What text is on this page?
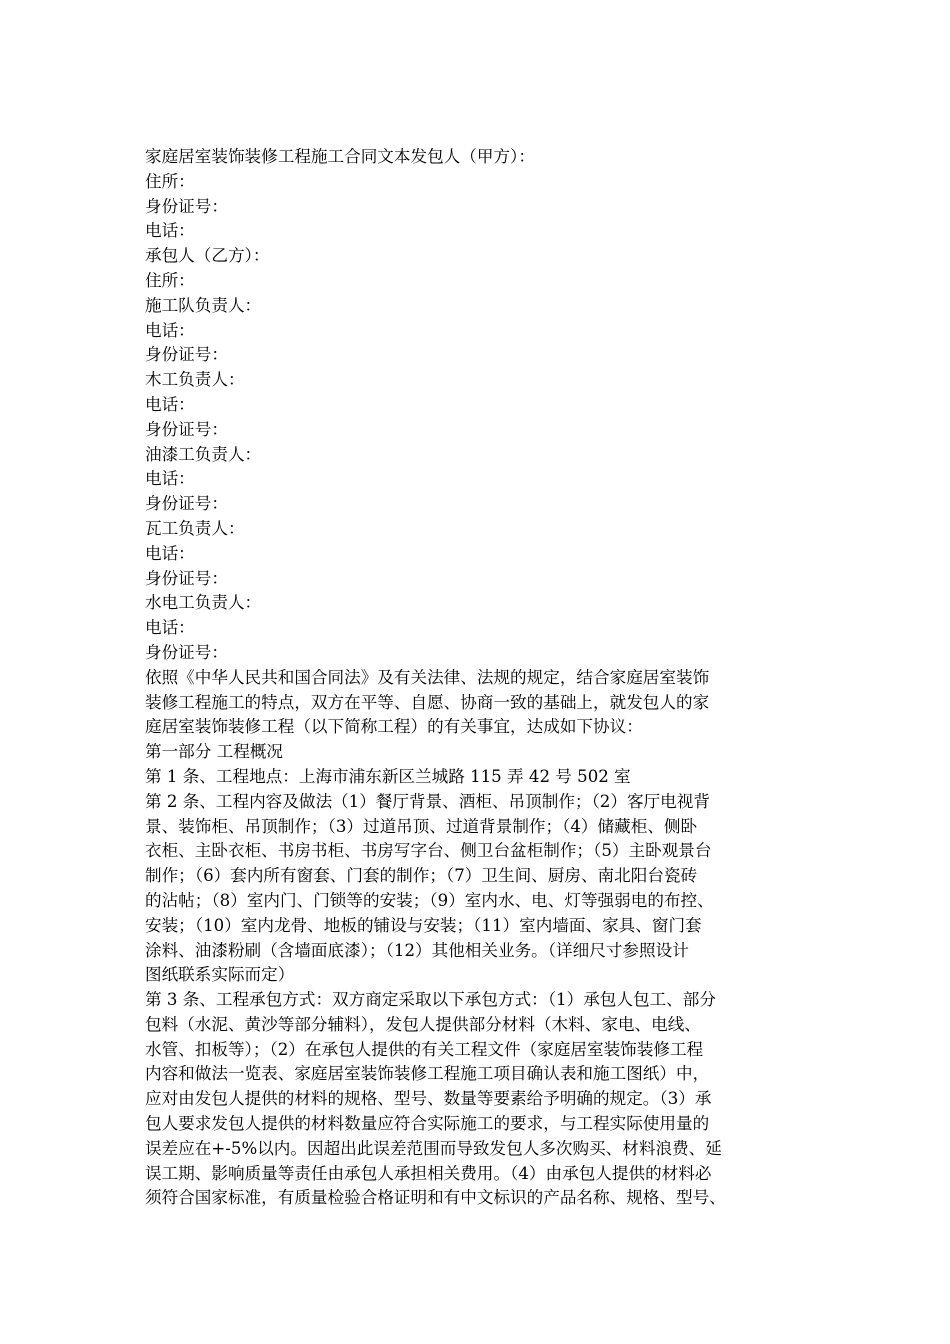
家庭居室装饰装修工程施工合同文本发包人（甲方）：
住所：
身份证号：
电话：
承包人（乙方）：
住所：
施工队负责人：
电话：
身份证号：
木工负责人：
电话：
身份证号：
油漆工负责人：
电话：
身份证号：
瓦工负责人：
电话：
身份证号：
水电工负责人：
电话：
身份证号：
依照《中华人民共和国合同法》及有关法律、法规的规定，结合家庭居室装饰
装修工程施工的特点，双方在平等、自愿、协商一致的基础上，就发包人的家
庭居室装饰装修工程（以下简称工程）的有关事宜，达成如下协议：
第一部分 工程概况
第 1 条、工程地点：上海市浦东新区兰城路 115 弄 42 号 502 室
第 2 条、工程内容及做法（1）餐厅背景、酒柜、吊顶制作；（2）客厅电视背
景、装饰柜、吊顶制作；（3）过道吊顶、过道背景制作；（4）储藏柜、侧卧
衣柜、主卧衣柜、书房书柜、书房写字台、侧卫台盆柜制作；（5）主卧观景台
制作；（6）套内所有窗套、门套的制作；（7）卫生间、厨房、南北阳台瓷砖
的沾帖；（8）室内门、门锁等的安装；（9）室内水、电、灯等强弱电的布控、
安装；（10）室内龙骨、地板的铺设与安装；（11）室内墙面、家具、窗门套
涂料、油漆粉刷（含墙面底漆）；（12）其他相关业务。（详细尺寸参照设计
图纸联系实际而定）
第 3 条、工程承包方式：双方商定采取以下承包方式：（1）承包人包工、部分
包料（水泥、黄沙等部分辅料），发包人提供部分材料（木料、家电、电线、
水管、扣板等）；（2）在承包人提供的有关工程文件（家庭居室装饰装修工程
内容和做法一览表、家庭居室装饰装修工程施工项目确认表和施工图纸）中，
应对由发包人提供的材料的规格、型号、数量等要素给予明确的规定。（3）承
包人要求发包人提供的材料数量应符合实际施工的要求，与工程实际使用量的
误差应在+-5%以内。因超出此误差范围而导致发包人多次购买、材料浪费、延
误工期、影响质量等责任由承包人承担相关费用。（4）由承包人提供的材料必
须符合国家标准，有质量检验合格证明和有中文标识的产品名称、规格、型号、
